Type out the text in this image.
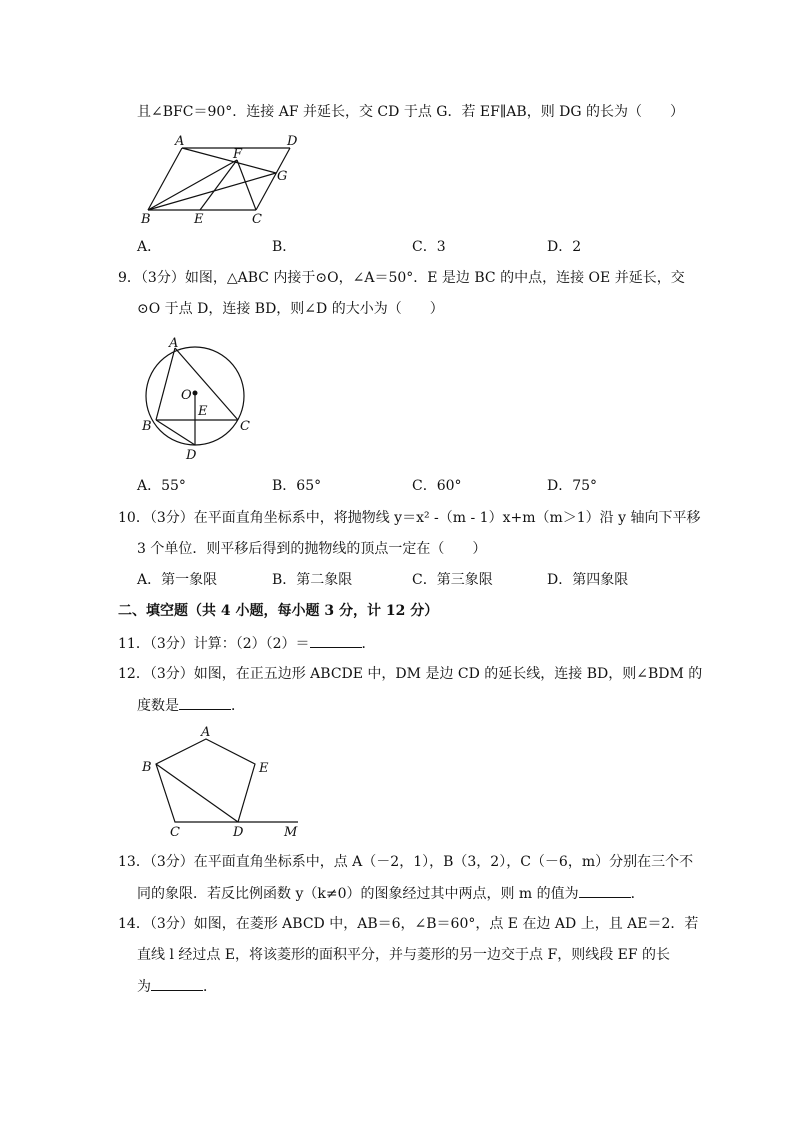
且∠BFC＝90°．连接 AF 并延长，交 CD 于点 G．若 EF∥AB，则 DG 的长为（　　）
A	D
F
G
B	E	C
A．	B．	C．3	D．2
9．（3分）如图，△ABC 内接于⊙O，∠A＝50°．E 是边 BC 的中点，连接 OE 并延长，交
⊙O 于点 D，连接 BD，则∠D 的大小为（　　）
A
O
E
B	C
D
A．55°	B．65°	C．60°	D．75°
10．（3分）在平面直角坐标系中，将抛物线 y＝x² -（m - 1）x+m（m＞1）沿 y 轴向下平移
3 个单位．则平移后得到的抛物线的顶点一定在（　　）
A．第一象限	B．第二象限	C．第三象限	D．第四象限
二、填空题（共 4 小题，每小题 3 分，计 12 分）
11．（3分）计算：（2）（2）＝	．
12．（3分）如图，在正五边形 ABCDE 中，DM 是边 CD 的延长线，连接 BD，则∠BDM 的
度数是	．
A
B	E
C	D	M
13．（3分）在平面直角坐标系中，点 A（－2，1），B（3，2），C（－6，m）分别在三个不
同的象限．若反比例函数 y（k≠0）的图象经过其中两点，则 m 的值为	．
14．（3分）如图，在菱形 ABCD 中，AB＝6，∠B＝60°，点 E 在边 AD 上，且 AE＝2．若
直线 l 经过点 E，将该菱形的面积平分，并与菱形的另一边交于点 F，则线段 EF 的长
为	．
